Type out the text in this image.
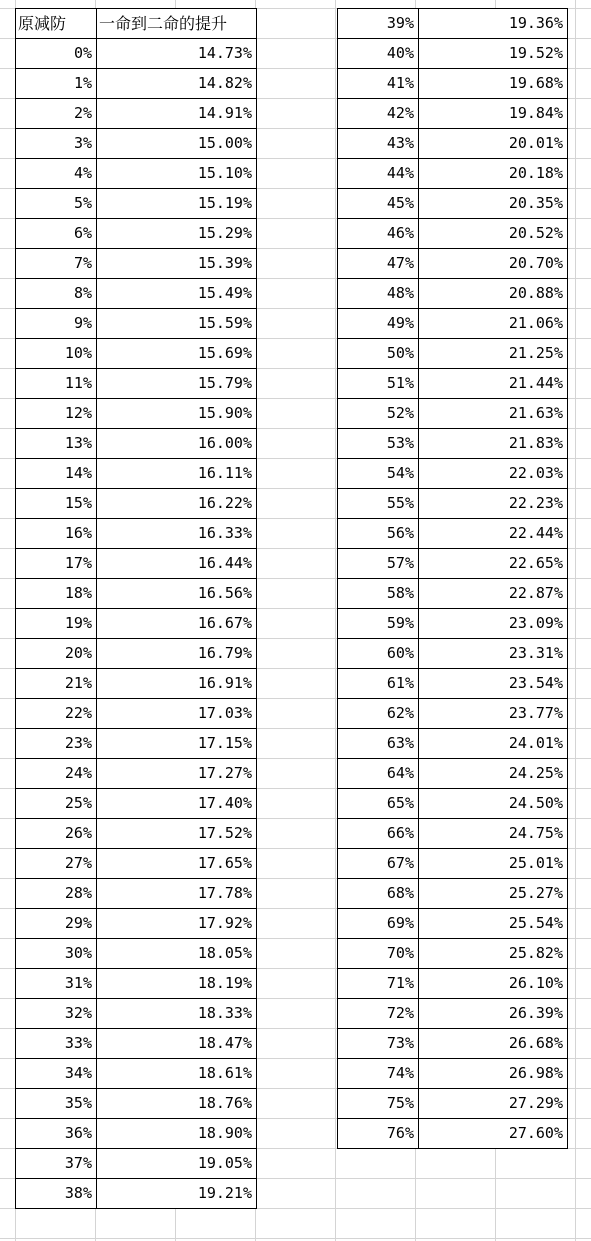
原减防	一命到二命的提升
0%	14.73%
1%	14.82%
2%	14.91%
3%	15.00%
4%	15.10%
5%	15.19%
6%	15.29%
7%	15.39%
8%	15.49%
9%	15.59%
10%	15.69%
11%	15.79%
12%	15.90%
13%	16.00%
14%	16.11%
15%	16.22%
16%	16.33%
17%	16.44%
18%	16.56%
19%	16.67%
20%	16.79%
21%	16.91%
22%	17.03%
23%	17.15%
24%	17.27%
25%	17.40%
26%	17.52%
27%	17.65%
28%	17.78%
29%	17.92%
30%	18.05%
31%	18.19%
32%	18.33%
33%	18.47%
34%	18.61%
35%	18.76%
36%	18.90%
37%	19.05%
38%	19.21%
39%	19.36%
40%	19.52%
41%	19.68%
42%	19.84%
43%	20.01%
44%	20.18%
45%	20.35%
46%	20.52%
47%	20.70%
48%	20.88%
49%	21.06%
50%	21.25%
51%	21.44%
52%	21.63%
53%	21.83%
54%	22.03%
55%	22.23%
56%	22.44%
57%	22.65%
58%	22.87%
59%	23.09%
60%	23.31%
61%	23.54%
62%	23.77%
63%	24.01%
64%	24.25%
65%	24.50%
66%	24.75%
67%	25.01%
68%	25.27%
69%	25.54%
70%	25.82%
71%	26.10%
72%	26.39%
73%	26.68%
74%	26.98%
75%	27.29%
76%	27.60%
